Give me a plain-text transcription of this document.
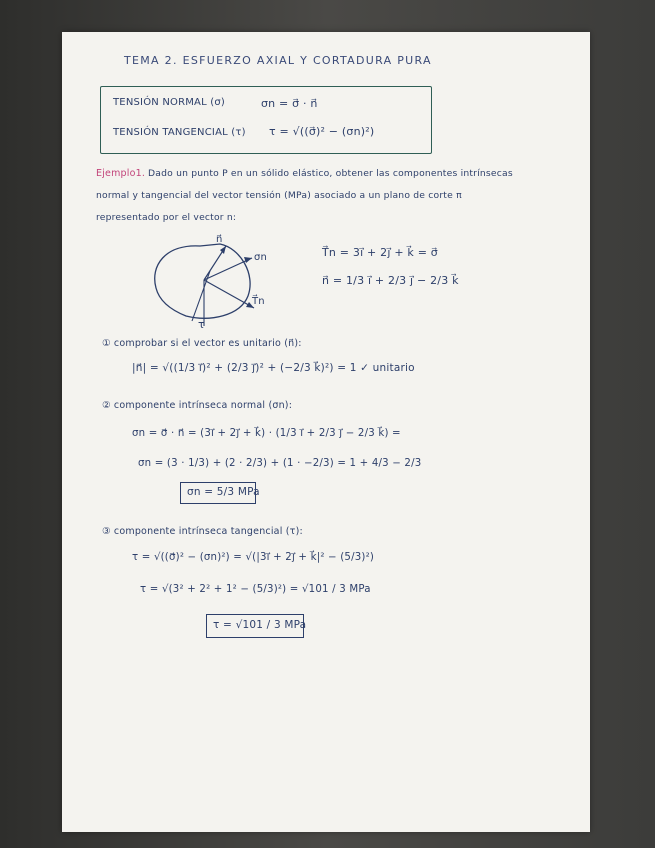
TEMA 2. ESFUERZO AXIAL Y CORTADURA PURA
TENSIÓN NORMAL (σ)	σn = σ⃗ · n⃗
TENSIÓN TANGENCIAL (τ) τ = √((σ⃗)² − (σn)²)
Ejemplo1. Dado un punto P en un sólido elástico, obtener las componentes intrínsecas
normal y tangencial del vector tensión (MPa) asociado a un plano de corte π
representado por el vector n:
n⃗
σn
T⃗n
τ
T⃗n = 3i⃗ + 2j⃗ + k⃗ = σ⃗
n⃗ = 1/3 i⃗ + 2/3 j⃗ − 2/3 k⃗
① comprobar si el vector es unitario (n⃗):
|n⃗| = √((1/3 i⃗)² + (2/3 j⃗)² + (−2/3 k⃗)²) = 1 ✓ unitario
② componente intrínseca normal (σn):
σn = σ⃗ · n⃗ = (3i⃗ + 2j⃗ + k⃗) · (1/3 i⃗ + 2/3 j⃗ − 2/3 k⃗) =
σn = (3 · 1/3) + (2 · 2/3) + (1 · −2/3) = 1 + 4/3 − 2/3
σn = 5/3 MPa
③ componente intrínseca tangencial (τ):
τ = √((σ⃗)² − (σn)²) = √(|3i⃗ + 2j⃗ + k⃗|² − (5/3)²)
τ = √(3² + 2² + 1² − (5/3)²) = √101 / 3 MPa
τ = √101 / 3 MPa
